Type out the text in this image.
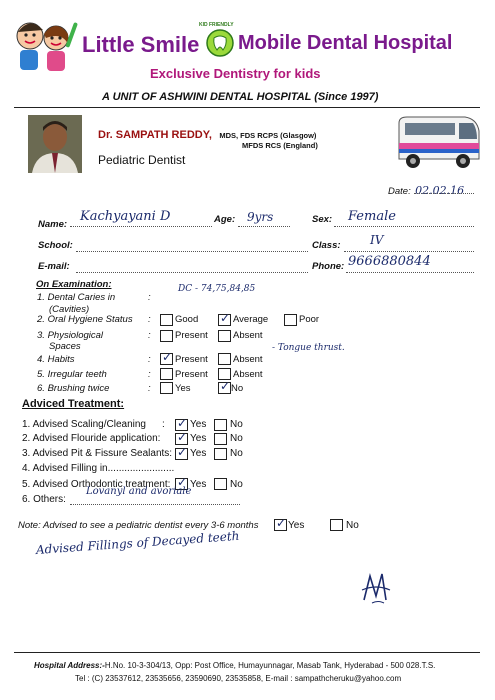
Little Smile
KID FRIENDLY
Mobile Dental Hospital
Exclusive Dentistry for kids
A UNIT OF ASHWINI DENTAL HOSPITAL (Since 1997)
Dr. SAMPATH REDDY, MDS, FDS RCPS (Glasgow)
MFDS RCS (England)
Pediatric Dentist
Date: 02.02.16
Name:
Kachyayani D	Age: 9yrs	Sex: Female
School:	Class: IV
E-mail:	Phone: 9666880844
On Examination:
1. Dental Caries in
(Cavities)
:
DC - 74,75,84,85
2. Oral Hygiene Status :	Good ✓ Average	Poor
3. Physiological
Spaces
:	Present	Absent
4. Habits	: ✓ Present	Absent
- Tongue thrust.
5. Irregular teeth	:	Present	Absent
6. Brushing twice	:	Yes ✓ No
Adviced Treatment:
1. Advised Scaling/Cleaning : ✓ Yes No
2. Advised Flouride application: ✓ Yes No
3. Advised Pit & Fissure Sealants: ✓ Yes No
4. Advised Filling in........................
5. Advised Orthodontic treatment: ✓ Yes No
6. Others:
Lovanyl and avoriale
Note: Advised to see a pediatric dentist every 3-6 months ✓ Yes	No
Advised Fillings of Decayed teeth
Hospital Address:-H.No. 10-3-304/13, Opp: Post Office, Humayunnagar, Masab Tank, Hyderabad - 500 028.T.S.
Tel : (C) 23537612, 23535656, 23590690, 23535858, E-mail : sampathcheruku@yahoo.com
